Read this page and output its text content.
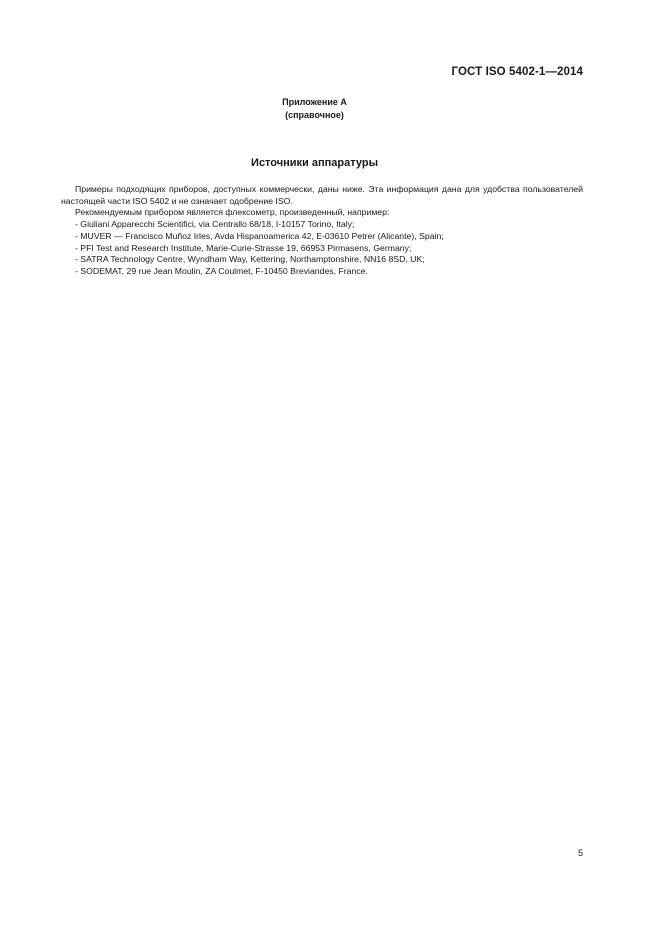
ГОСТ ISO 5402-1—2014
Приложение А
(справочное)
Источники аппаратуры

Примеры подходящих приборов, доступных коммерчески, даны ниже. Эта информация дана для удобства пользователей настоящей части ISO 5402 и не означает одобрение ISO.

Рекомендуемым прибором является флексометр, произведенный, например:

- Giuliani Apparecchi Scientifici, via Centrallo 68/18, I-10157 Torino, Italy;

- MUVER — Francisco Muñoz Irles, Avda Hispanoamerica 42, E-03610 Petrer (Alicante), Spain;

- PFI Test and Research Institute, Marie-Curie-Strasse 19, 66953 Pirmasens, Germany;

- SATRA Technology Centre, Wyndham Way, Kettering, Northamptonshire, NN16 8SD, UK;

- SODEMAT, 29 rue Jean Moulin, ZA Coulmet, F-10450 Breviandes, France.

5
